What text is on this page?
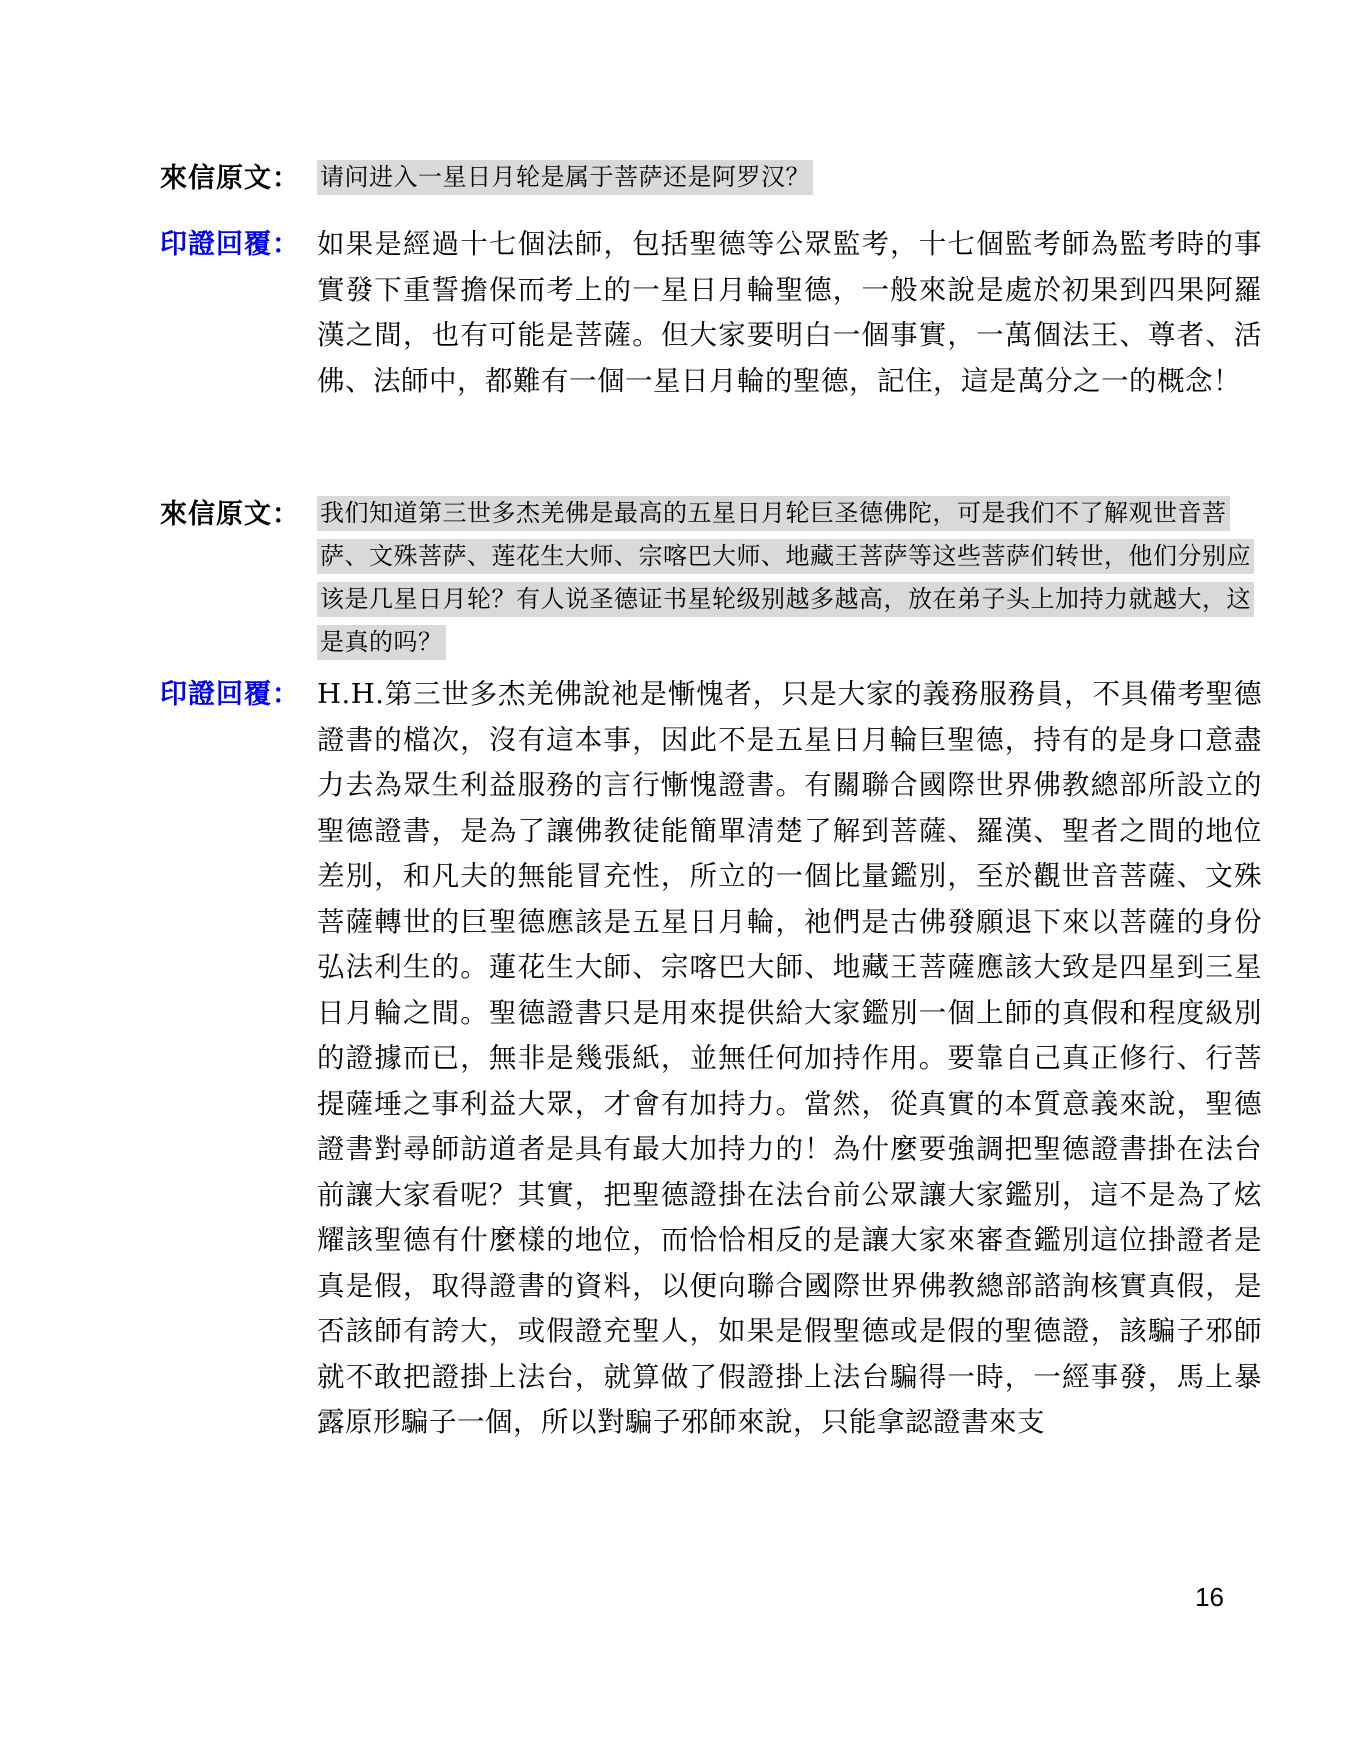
來信原文： 请问进入一星日月轮是属于菩萨还是阿罗汉？
印證回覆： 如果是經過十七個法師，包括聖德等公眾監考，十七個監考師為監考時的事實發下重誓擔保而考上的一星日月輪聖德，一般來說是處於初果到四果阿羅漢之間，也有可能是菩薩。但大家要明白一個事實，一萬個法王、尊者、活佛、法師中，都難有一個一星日月輪的聖德，記住，這是萬分之一的概念！
來信原文： 我们知道第三世多杰羌佛是最高的五星日月轮巨圣德佛陀，可是我们不了解观世音菩萨、文殊菩萨、莲花生大师、宗喀巴大师、地藏王菩萨等这些菩萨们转世，他们分别应该是几星日月轮？有人说圣德证书星轮级别越多越高，放在弟子头上加持力就越大，这是真的吗？
印證回覆： H.H.第三世多杰羌佛說祂是慚愧者，只是大家的義務服務員，不具備考聖德證書的檔次，沒有這本事，因此不是五星日月輪巨聖德，持有的是身口意盡力去為眾生利益服務的言行慚愧證書。有關聯合國際世界佛教總部所設立的聖德證書，是為了讓佛教徒能簡單清楚了解到菩薩、羅漢、聖者之間的地位差別，和凡夫的無能冒充性，所立的一個比量鑑別，至於觀世音菩薩、文殊菩薩轉世的巨聖德應該是五星日月輪，祂們是古佛發願退下來以菩薩的身份弘法利生的。蓮花生大師、宗喀巴大師、地藏王菩薩應該大致是四星到三星日月輪之間。聖德證書只是用來提供給大家鑑別一個上師的真假和程度級別的證據而已，無非是幾張紙，並無任何加持作用。要靠自己真正修行、行菩提薩埵之事利益大眾，才會有加持力。當然，從真實的本質意義來說，聖德證書對尋師訪道者是具有最大加持力的！為什麼要強調把聖德證書掛在法台前讓大家看呢？其實，把聖德證掛在法台前公眾讓大家鑑別，這不是為了炫耀該聖德有什麼樣的地位，而恰恰相反的是讓大家來審查鑑別這位掛證者是真是假，取得證書的資料，以便向聯合國際世界佛教總部諮詢核實真假，是否該師有誇大，或假證充聖人，如果是假聖德或是假的聖德證，該騙子邪師就不敢把證掛上法台，就算做了假證掛上法台騙得一時，一經事發，馬上暴露原形騙子一個，所以對騙子邪師來說，只能拿認證書來支
16
